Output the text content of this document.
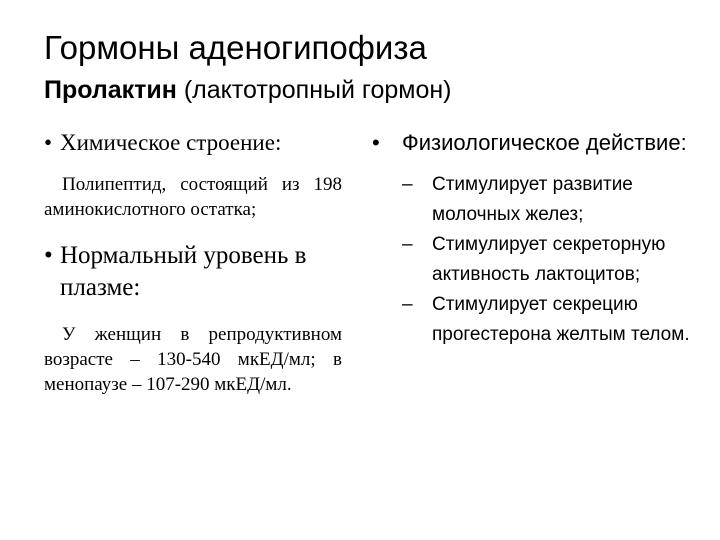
Гормоны аденогипофиза
Пролактин (лактотропный гормон)
• Химическое строение:
Полипептид, состоящий из 198 аминокислотного остатка;
• Нормальный уровень в плазме:
У женщин в репродуктивном возрасте – 130-540 мкЕД/мл; в менопаузе – 107-290 мкЕД/мл.
•	Физиологическое действие:
–	Стимулирует развитие молочных желез;
–	Стимулирует секреторную активность лактоцитов;
–	Стимулирует секрецию прогестерона желтым телом.
